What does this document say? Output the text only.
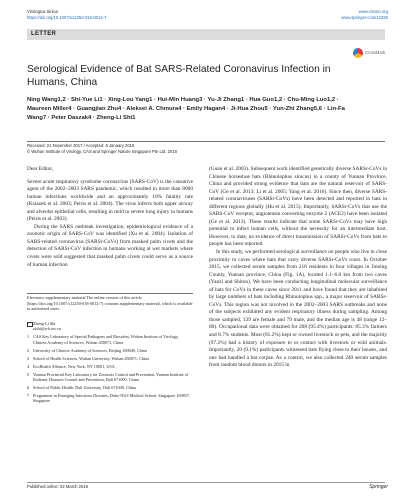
Virologica Sinica
https://doi.org/10.1007/s12250-018-0012-7
www.virosin.org
www.springer.com/12250
LETTER
CrossMark
Serological Evidence of Bat SARS-Related Coronavirus Infection in Humans, China
Ning Wang1,2 · Shi-Yue Li1 · Xing-Lou Yang1 · Hui-Min Huang3 · Yu-Ji Zhang1 · Hua Guo1,2 · Chu-Ming Luo1,2 · Maureen Miller4 · Guangjian Zhu4 · Aleksei A. Chmura4 · Emily Hagan4 · Ji-Hua Zhou5 · Yun-Zhi Zhang5,6 · Lin-Fa Wang7 · Peter Daszak4 · Zheng-Li Shi1
Received: 21 November 2017 / Accepted: 8 January 2018
© Wuhan Institute of Virology, CAS and Springer Nature Singapore Pte Ltd. 2018

Dear Editor,

Severe acute respiratory syndrome coronavirus (SARS-CoV) is the causative agent of the 2002–2003 SARS pandemic, which resulted in more than 8000 human infections worldwide and an approximately 10% fatality rate (Ksiazek et al. 2003; Peiris et al. 2004). The virus infects both upper airway and alveolar epithelial cells, resulting in mild to severe lung injury in humans (Peiris et al. 2003).

During the SARS outbreak investigation, epidemiological evidence of a zoonotic origin of SARS-CoV was identified (Xu et al. 2004). Isolation of SARS-related coronavirus (SARSr-CoVs) from masked palm civets and the detection of SARSr-CoV infection in humans working at wet markets where civets were sold suggested that masked palm civets could serve as a source of human infection

Electronic supplementary material The online version of this article (https://doi.org/10.1007/s12250-018-0012-7) contains supplementary material, which is available to authorized users.
Zheng-Li Shi
zlshi@wh.iov.cn
1 CAS Key Laboratory of Special Pathogens and Biosafety, Wuhan Institute of Virology, Chinese Academy of Sciences, Wuhan 430071, China
2 University of Chinese Academy of Sciences, Beijing 100049, China
3 School of Health Sciences, Wuhan University, Wuhan 430071, China
4 EcoHealth Alliance, New York, NY 10001, USA
5 Yunnan Provincial Key Laboratory for Zoonosis Control and Prevention, Yunnan Institute of Endemic Diseases Control and Prevention, Dali 671000, China
6 School of Public Health, Dali University, Dali 671000, China
7 Programme in Emerging Infectious Diseases, Duke-NUS Medical School, Singapore 169857, Singapore

(Guan et al. 2003). Subsequent work identified genetically diverse SARSr-CoVs in Chinese horseshoe bats (Rhinolophus sinicus) in a county of Yunnan Province, China and provided strong evidence that bats are the natural reservoir of SARS-CoV (Ge et al. 2013; Li et al. 2005; Yang et al. 2016). Since then, diverse SARS-related coronaviruses (SARSr-CoVs) have been detected and reported in bats in different regions globally (Hu et al. 2015). Importantly, SARSr-CoVs that use the SARS-CoV receptor, angiotensin converting enzyme 2 (ACE2) have been isolated (Ge et al. 2013). These results indicate that some SARSr-CoVs may have high potential to infect human cells, without the necessity for an intermediate host. However, to date, no evidence of direct transmission of SARSr-CoVs from bats to people has been reported.

In this study, we performed serological surveillance on people who live in close proximity to caves where bats that carry diverse SARSr-CoVs roost. In October 2015, we collected serum samples from 218 residents in four villages in Jinning County, Yunnan province, China (Fig. 1A), located 1.1–6.0 km from two caves (Yanzi and Shitou). We have been conducting longitudinal molecular surveillance of bats for CoVs in these caves since 2011 and have found that they are inhabited by large numbers of bats including Rhinolophus spp., a major reservoir of SARSr-CoVs. This region was not involved in the 2002–2003 SARS outbreaks and none of the subjects exhibited any evident respiratory illness during sampling. Among those sampled, 139 are female and 79 male, and the median age is 48 (range 12–80). Occupational data were obtained for 208 (95.4%) participants: 85.3% farmers and 8.7% students. Most (81.2%) kept or owned livestock or pets, and the majority (97.2%) had a history of exposure to or contact with livestock or wild animals. Importantly, 20 (9.1%) participants witnessed bats flying close to their houses, and one had handled a bat corpse. As a control, we also collected 240 serum samples from random blood donors in 2015 in

Published online: 02 March 2018	Springer
